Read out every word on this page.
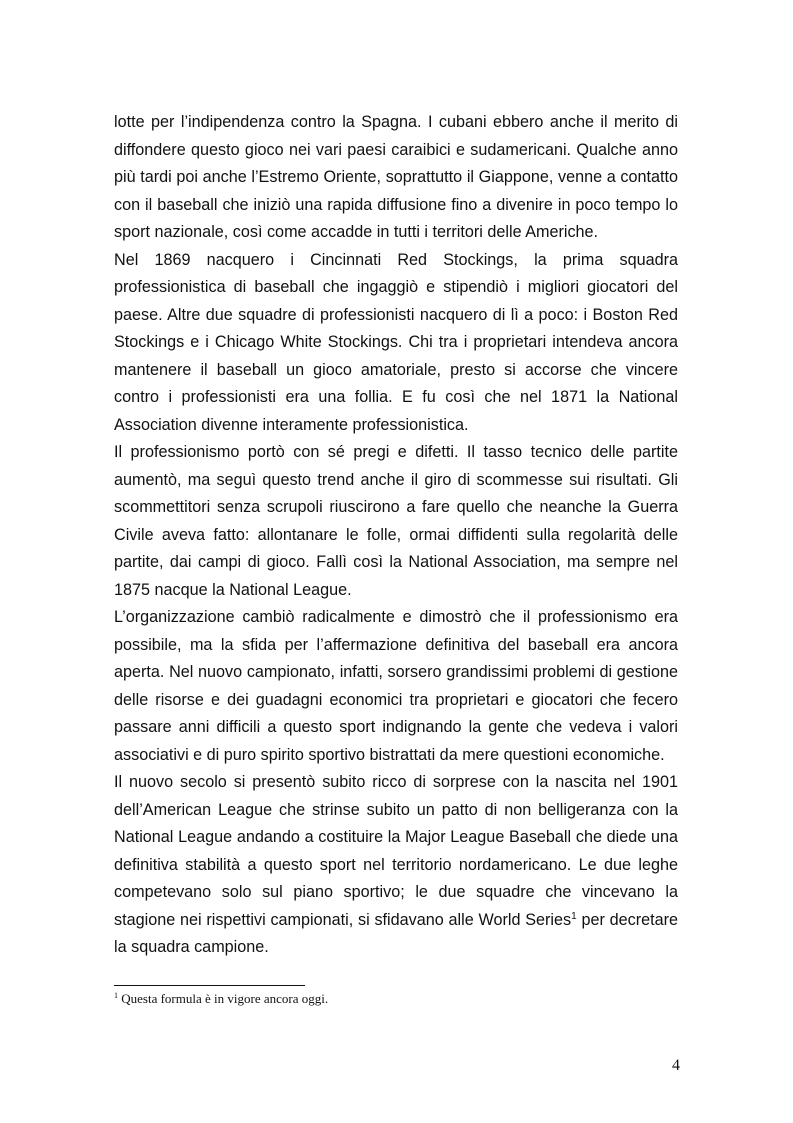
lotte per l’indipendenza contro la Spagna. I cubani ebbero anche il merito di diffondere questo gioco nei vari paesi caraibici e sudamericani. Qualche anno più tardi poi anche l’Estremo Oriente, soprattutto il Giappone, venne a contatto con il baseball che iniziò una rapida diffusione fino a divenire in poco tempo lo sport nazionale, così come accadde in tutti i territori delle Americhe.

Nel 1869 nacquero i Cincinnati Red Stockings, la prima squadra professionistica di baseball che ingaggiò e stipendiò i migliori giocatori del paese. Altre due squadre di professionisti nacquero di lì a poco: i Boston Red Stockings e i Chicago White Stockings. Chi tra i proprietari intendeva ancora mantenere il baseball un gioco amatoriale, presto si accorse che vincere contro i professionisti era una follia. E fu così che nel 1871 la National Association divenne interamente professionistica.

Il professionismo portò con sé pregi e difetti. Il tasso tecnico delle partite aumentò, ma seguì questo trend anche il giro di scommesse sui risultati. Gli scommettitori senza scrupoli riuscirono a fare quello che neanche la Guerra Civile aveva fatto: allontanare le folle, ormai diffidenti sulla regolarità delle partite, dai campi di gioco. Fallì così la National Association, ma sempre nel 1875 nacque la National League.

L’organizzazione cambiò radicalmente e dimostrò che il professionismo era possibile, ma la sfida per l’affermazione definitiva del baseball era ancora aperta. Nel nuovo campionato, infatti, sorsero grandissimi problemi di gestione delle risorse e dei guadagni economici tra proprietari e giocatori che fecero passare anni difficili a questo sport indignando la gente che vedeva i valori associativi e di puro spirito sportivo bistrattati da mere questioni economiche.

Il nuovo secolo si presentò subito ricco di sorprese con la nascita nel 1901 dell’American League che strinse subito un patto di non belligeranza con la National League andando a costituire la Major League Baseball che diede una definitiva stabilità a questo sport nel territorio nordamericano. Le due leghe competevano solo sul piano sportivo; le due squadre che vincevano la stagione nei rispettivi campionati, si sfidavano alle World Series$^1$ per decretare la squadra campione.

$^1$ Questa formula è in vigore ancora oggi.
4
